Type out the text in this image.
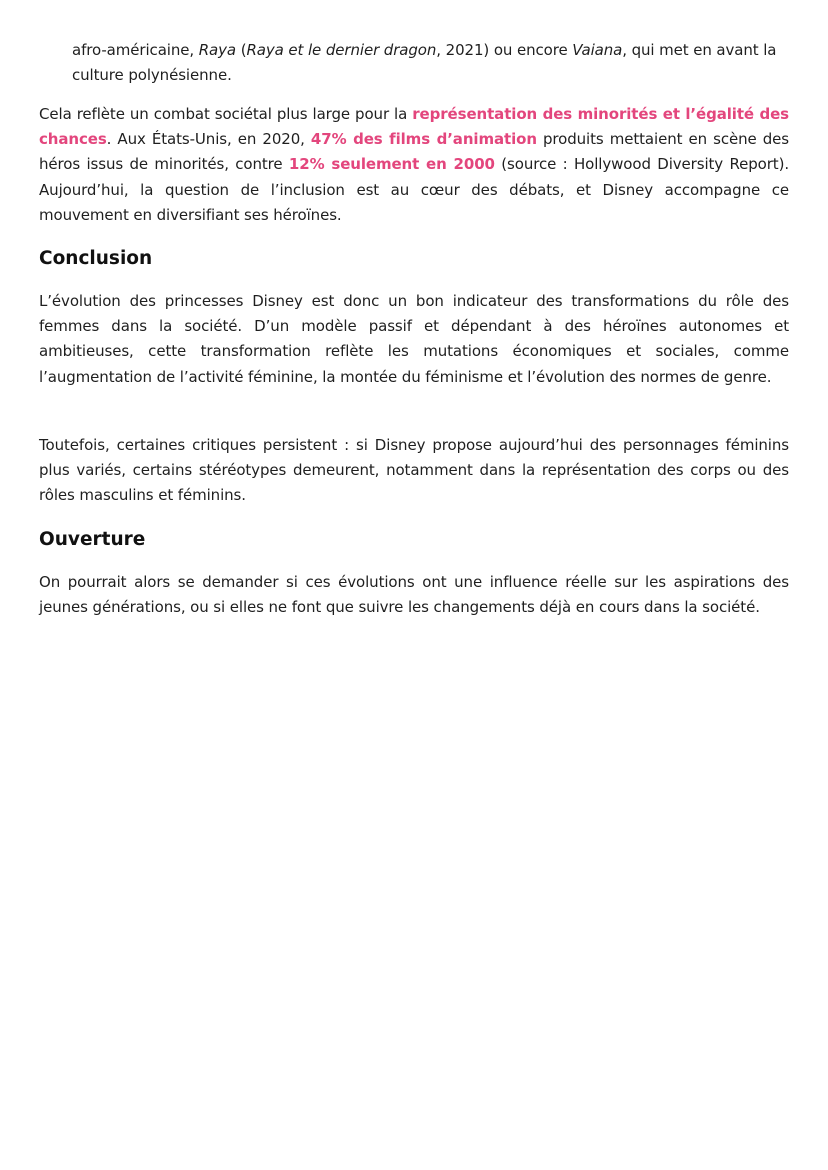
afro-américaine, Raya (Raya et le dernier dragon, 2021) ou encore Vaiana, qui met en avant la culture polynésienne.

Cela reflète un combat sociétal plus large pour la représentation des minorités et l’égalité des chances. Aux États-Unis, en 2020, 47% des films d’animation produits mettaient en scène des héros issus de minorités, contre 12% seulement en 2000 (source : Hollywood Diversity Report). Aujourd’hui, la question de l’inclusion est au cœur des débats, et Disney accompagne ce mouvement en diversifiant ses héroïnes.

Conclusion

L’évolution des princesses Disney est donc un bon indicateur des transformations du rôle des femmes dans la société. D’un modèle passif et dépendant à des héroïnes autonomes et ambitieuses, cette transformation reflète les mutations économiques et sociales, comme l’augmentation de l’activité féminine, la montée du féminisme et l’évolution des normes de genre.

Toutefois, certaines critiques persistent : si Disney propose aujourd’hui des personnages féminins plus variés, certains stéréotypes demeurent, notamment dans la représentation des corps ou des rôles masculins et féminins.

Ouverture

On pourrait alors se demander si ces évolutions ont une influence réelle sur les aspirations des jeunes générations, ou si elles ne font que suivre les changements déjà en cours dans la société.
